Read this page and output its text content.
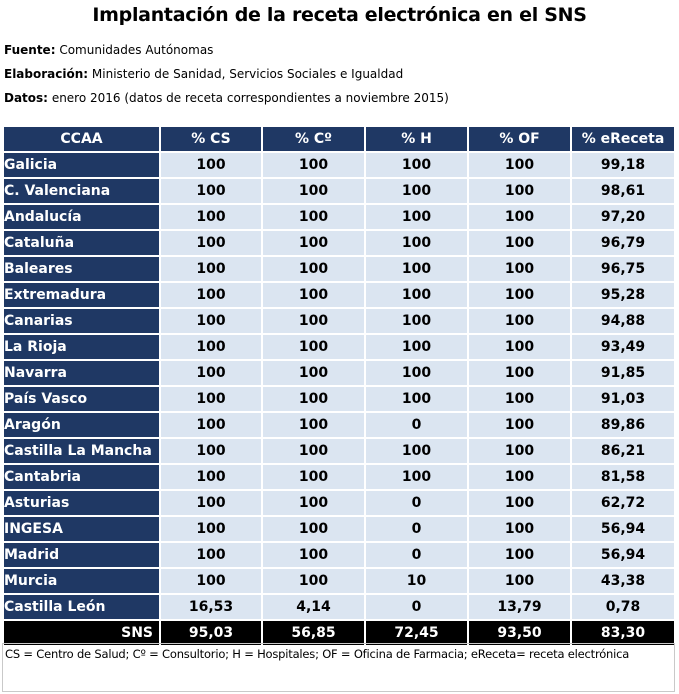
Implantación de la receta electrónica en el SNS
Fuente: Comunidades Autónomas
Elaboración: Ministerio de Sanidad, Servicios Sociales e Igualdad
Datos: enero 2016 (datos de receta correspondientes a noviembre 2015)
CCAA	% CS	% Cº	% H	% OF	% eReceta
Galicia	100	100	100	100	99,18
C. Valenciana	100	100	100	100	98,61
Andalucía	100	100	100	100	97,20
Cataluña	100	100	100	100	96,79
Baleares	100	100	100	100	96,75
Extremadura	100	100	100	100	95,28
Canarias	100	100	100	100	94,88
La Rioja	100	100	100	100	93,49
Navarra	100	100	100	100	91,85
País Vasco	100	100	100	100	91,03
Aragón	100	100	0	100	89,86
Castilla La Mancha	100	100	100	100	86,21
Cantabria	100	100	100	100	81,58
Asturias	100	100	0	100	62,72
INGESA	100	100	0	100	56,94
Madrid	100	100	0	100	56,94
Murcia	100	100	10	100	43,38
Castilla León	16,53	4,14	0	13,79	0,78
SNS	95,03	56,85	72,45	93,50	83,30
CS = Centro de Salud; Cº = Consultorio; H = Hospitales; OF = Oficina de Farmacia; eReceta= receta electrónica
